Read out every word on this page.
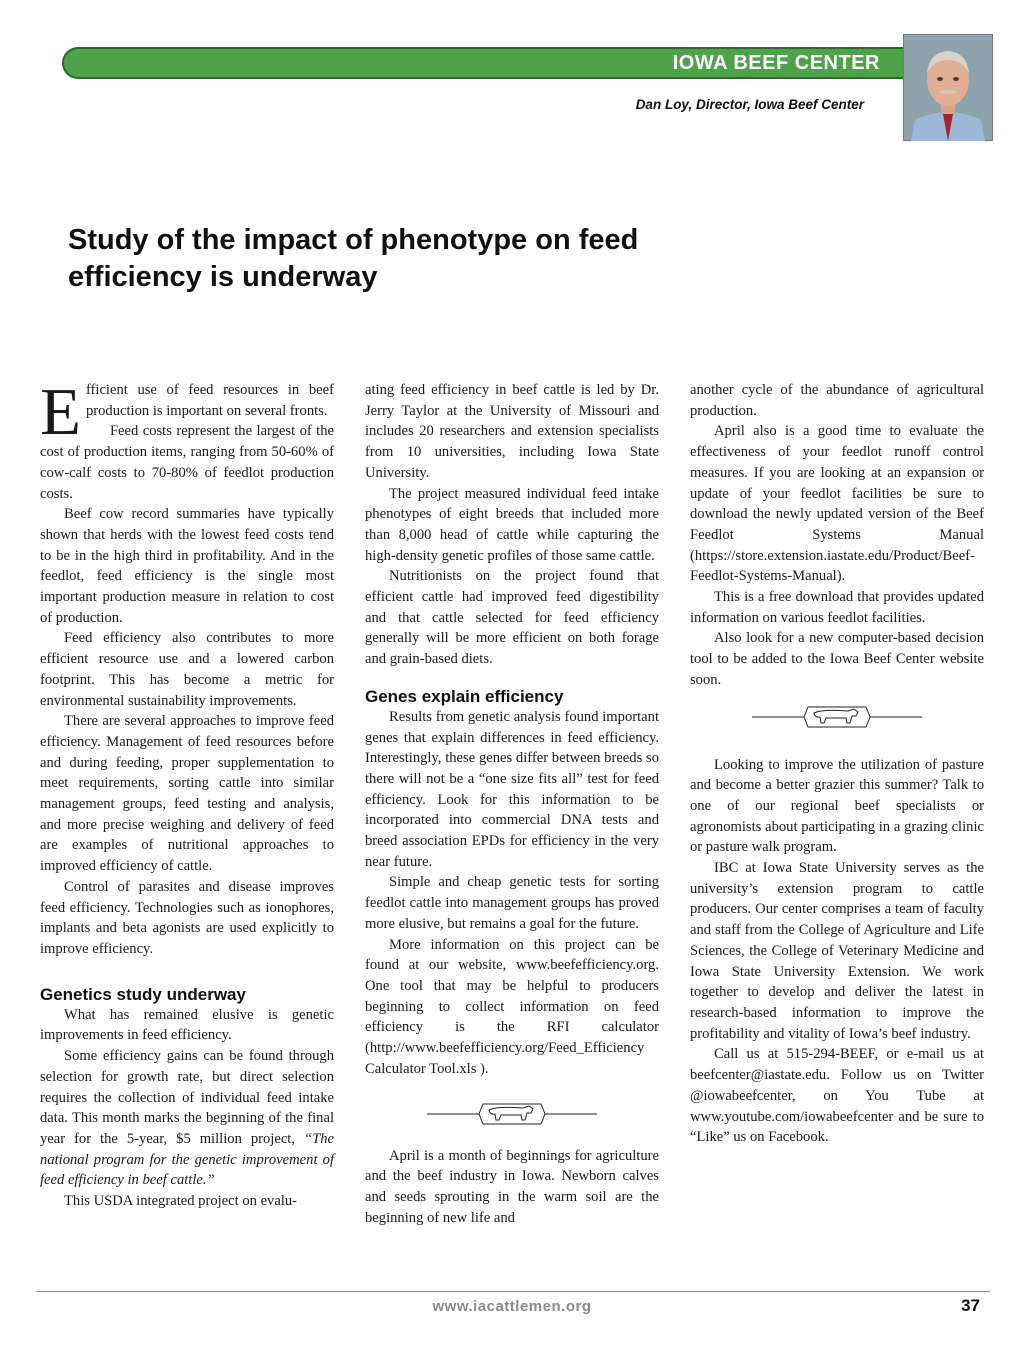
IOWA BEEF CENTER
Dan Loy, Director, Iowa Beef Center
Study of the impact of phenotype on feed efficiency is underway

Efficient use of feed resources in beef production is important on several fronts.

Feed costs represent the largest of the cost of production items, ranging from 50-60% of cow-calf costs to 70-80% of feedlot production costs.

Beef cow record summaries have typically shown that herds with the lowest feed costs tend to be in the high third in profitability. And in the feedlot, feed efficiency is the single most important production measure in relation to cost of production.

Feed efficiency also contributes to more efficient resource use and a lowered carbon footprint. This has become a metric for environmental sustainability improvements.

There are several approaches to improve feed efficiency. Management of feed resources before and during feeding, proper supplementation to meet requirements, sorting cattle into similar management groups, feed testing and analysis, and more precise weighing and delivery of feed are examples of nutritional approaches to improved efficiency of cattle.

Control of parasites and disease improves feed efficiency. Technologies such as ionophores, implants and beta agonists are used explicitly to improve efficiency.

Genetics study underway

What has remained elusive is genetic improvements in feed efficiency.

Some efficiency gains can be found through selection for growth rate, but direct selection requires the collection of individual feed intake data. This month marks the beginning of the final year for the 5-year, $5 million project, “The national program for the genetic improvement of feed efficiency in beef cattle.”

This USDA integrated project on evalu-

ating feed efficiency in beef cattle is led by Dr. Jerry Taylor at the University of Missouri and includes 20 researchers and extension specialists from 10 universities, including Iowa State University.

The project measured individual feed intake phenotypes of eight breeds that included more than 8,000 head of cattle while capturing the high-density genetic profiles of those same cattle.

Nutritionists on the project found that efficient cattle had improved feed digestibility and that cattle selected for feed efficiency generally will be more efficient on both forage and grain-based diets.

Genes explain efficiency

Results from genetic analysis found important genes that explain differences in feed efficiency. Interestingly, these genes differ between breeds so there will not be a “one size fits all” test for feed efficiency. Look for this information to be incorporated into commercial DNA tests and breed association EPDs for efficiency in the very near future.

Simple and cheap genetic tests for sorting feedlot cattle into management groups has proved more elusive, but remains a goal for the future.

More information on this project can be found at our website, www.beefefficiency.org. One tool that may be helpful to producers beginning to collect information on feed efficiency is the RFI calculator (http://www.beefefficiency.org/Feed_Efficiency Calculator Tool.xls ).

April is a month of beginnings for agriculture and the beef industry in Iowa. Newborn calves and seeds sprouting in the warm soil are the beginning of new life and

another cycle of the abundance of agricultural production.

April also is a good time to evaluate the effectiveness of your feedlot runoff control measures. If you are looking at an expansion or update of your feedlot facilities be sure to download the newly updated version of the Beef Feedlot Systems Manual (https://store.extension.iastate.edu/Product/Beef-Feedlot-Systems-Manual).

This is a free download that provides updated information on various feedlot facilities.

Also look for a new computer-based decision tool to be added to the Iowa Beef Center website soon.

Looking to improve the utilization of pasture and become a better grazier this summer? Talk to one of our regional beef specialists or agronomists about participating in a grazing clinic or pasture walk program.

IBC at Iowa State University serves as the university’s extension program to cattle producers. Our center comprises a team of faculty and staff from the College of Agriculture and Life Sciences, the College of Veterinary Medicine and Iowa State University Extension. We work together to develop and deliver the latest in research-based information to improve the profitability and vitality of Iowa’s beef industry.

Call us at 515-294-BEEF, or e-mail us at beefcenter@iastate.edu. Follow us on Twitter @iowabeefcenter, on You Tube at www.youtube.com/iowabeefcenter and be sure to “Like” us on Facebook.

www.iacattlemen.org	37
